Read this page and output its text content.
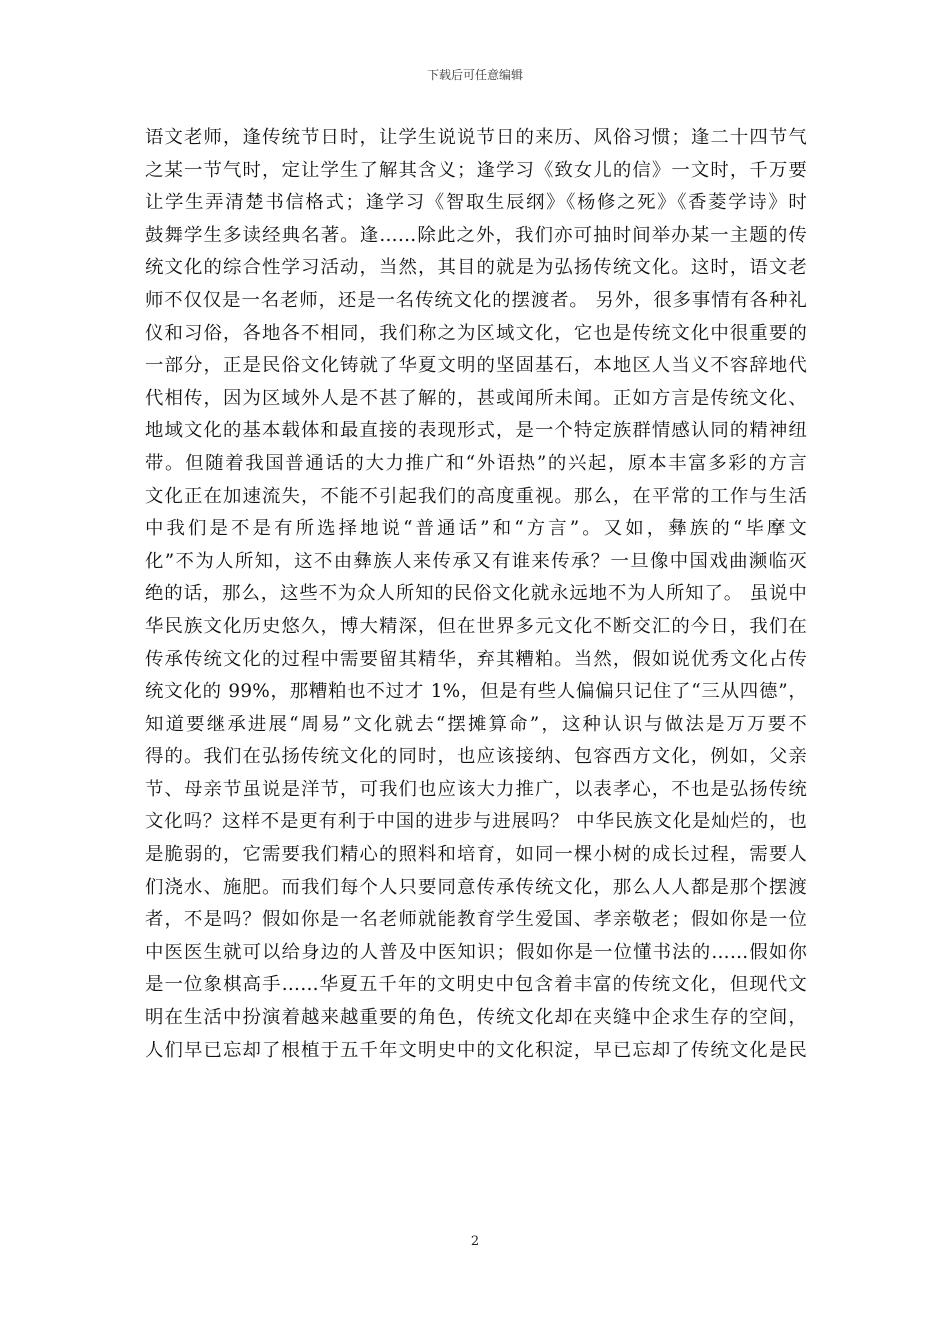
下载后可任意编辑
语文老师，逢传统节日时，让学生说说节日的来历、风俗习惯；逢二十四节气
之某一节气时，定让学生了解其含义；逢学习《致女儿的信》一文时，千万要
让学生弄清楚书信格式；逢学习《智取生辰纲》《杨修之死》《香菱学诗》时
鼓舞学生多读经典名著。逢……除此之外，我们亦可抽时间举办某一主题的传
统文化的综合性学习活动，当然，其目的就是为弘扬传统文化。这时，语文老
师不仅仅是一名老师，还是一名传统文化的摆渡者。 另外，很多事情有各种礼
仪和习俗，各地各不相同，我们称之为区域文化，它也是传统文化中很重要的
一部分，正是民俗文化铸就了华夏文明的坚固基石，本地区人当义不容辞地代
代相传，因为区域外人是不甚了解的，甚或闻所未闻。正如方言是传统文化、
地域文化的基本载体和最直接的表现形式，是一个特定族群情感认同的精神纽
带。但随着我国普通话的大力推广和“外语热”的兴起，原本丰富多彩的方言
文化正在加速流失，不能不引起我们的高度重视。那么，在平常的工作与生活
中我们是不是有所选择地说“普通话”和“方言”。又如，彝族的“毕摩文
化”不为人所知，这不由彝族人来传承又有谁来传承？一旦像中国戏曲濒临灭
绝的话，那么，这些不为众人所知的民俗文化就永远地不为人所知了。 虽说中
华民族文化历史悠久，博大精深，但在世界多元文化不断交汇的今日，我们在
传承传统文化的过程中需要留其精华，弃其糟粕。当然，假如说优秀文化占传
统文化的 99%，那糟粕也不过才 1%，但是有些人偏偏只记住了“三从四德”，
知道要继承进展“周易”文化就去“摆摊算命”，这种认识与做法是万万要不
得的。我们在弘扬传统文化的同时，也应该接纳、包容西方文化，例如，父亲
节、母亲节虽说是洋节，可我们也应该大力推广，以表孝心，不也是弘扬传统
文化吗？这样不是更有利于中国的进步与进展吗？ 中华民族文化是灿烂的，也
是脆弱的，它需要我们精心的照料和培育，如同一棵小树的成长过程，需要人
们浇水、施肥。而我们每个人只要同意传承传统文化，那么人人都是那个摆渡
者，不是吗？假如你是一名老师就能教育学生爱国、孝亲敬老；假如你是一位
中医医生就可以给身边的人普及中医知识；假如你是一位懂书法的……假如你
是一位象棋高手……华夏五千年的文明史中包含着丰富的传统文化，但现代文
明在生活中扮演着越来越重要的角色，传统文化却在夹缝中企求生存的空间，
人们早已忘却了根植于五千年文明史中的文化积淀，早已忘却了传统文化是民
2
